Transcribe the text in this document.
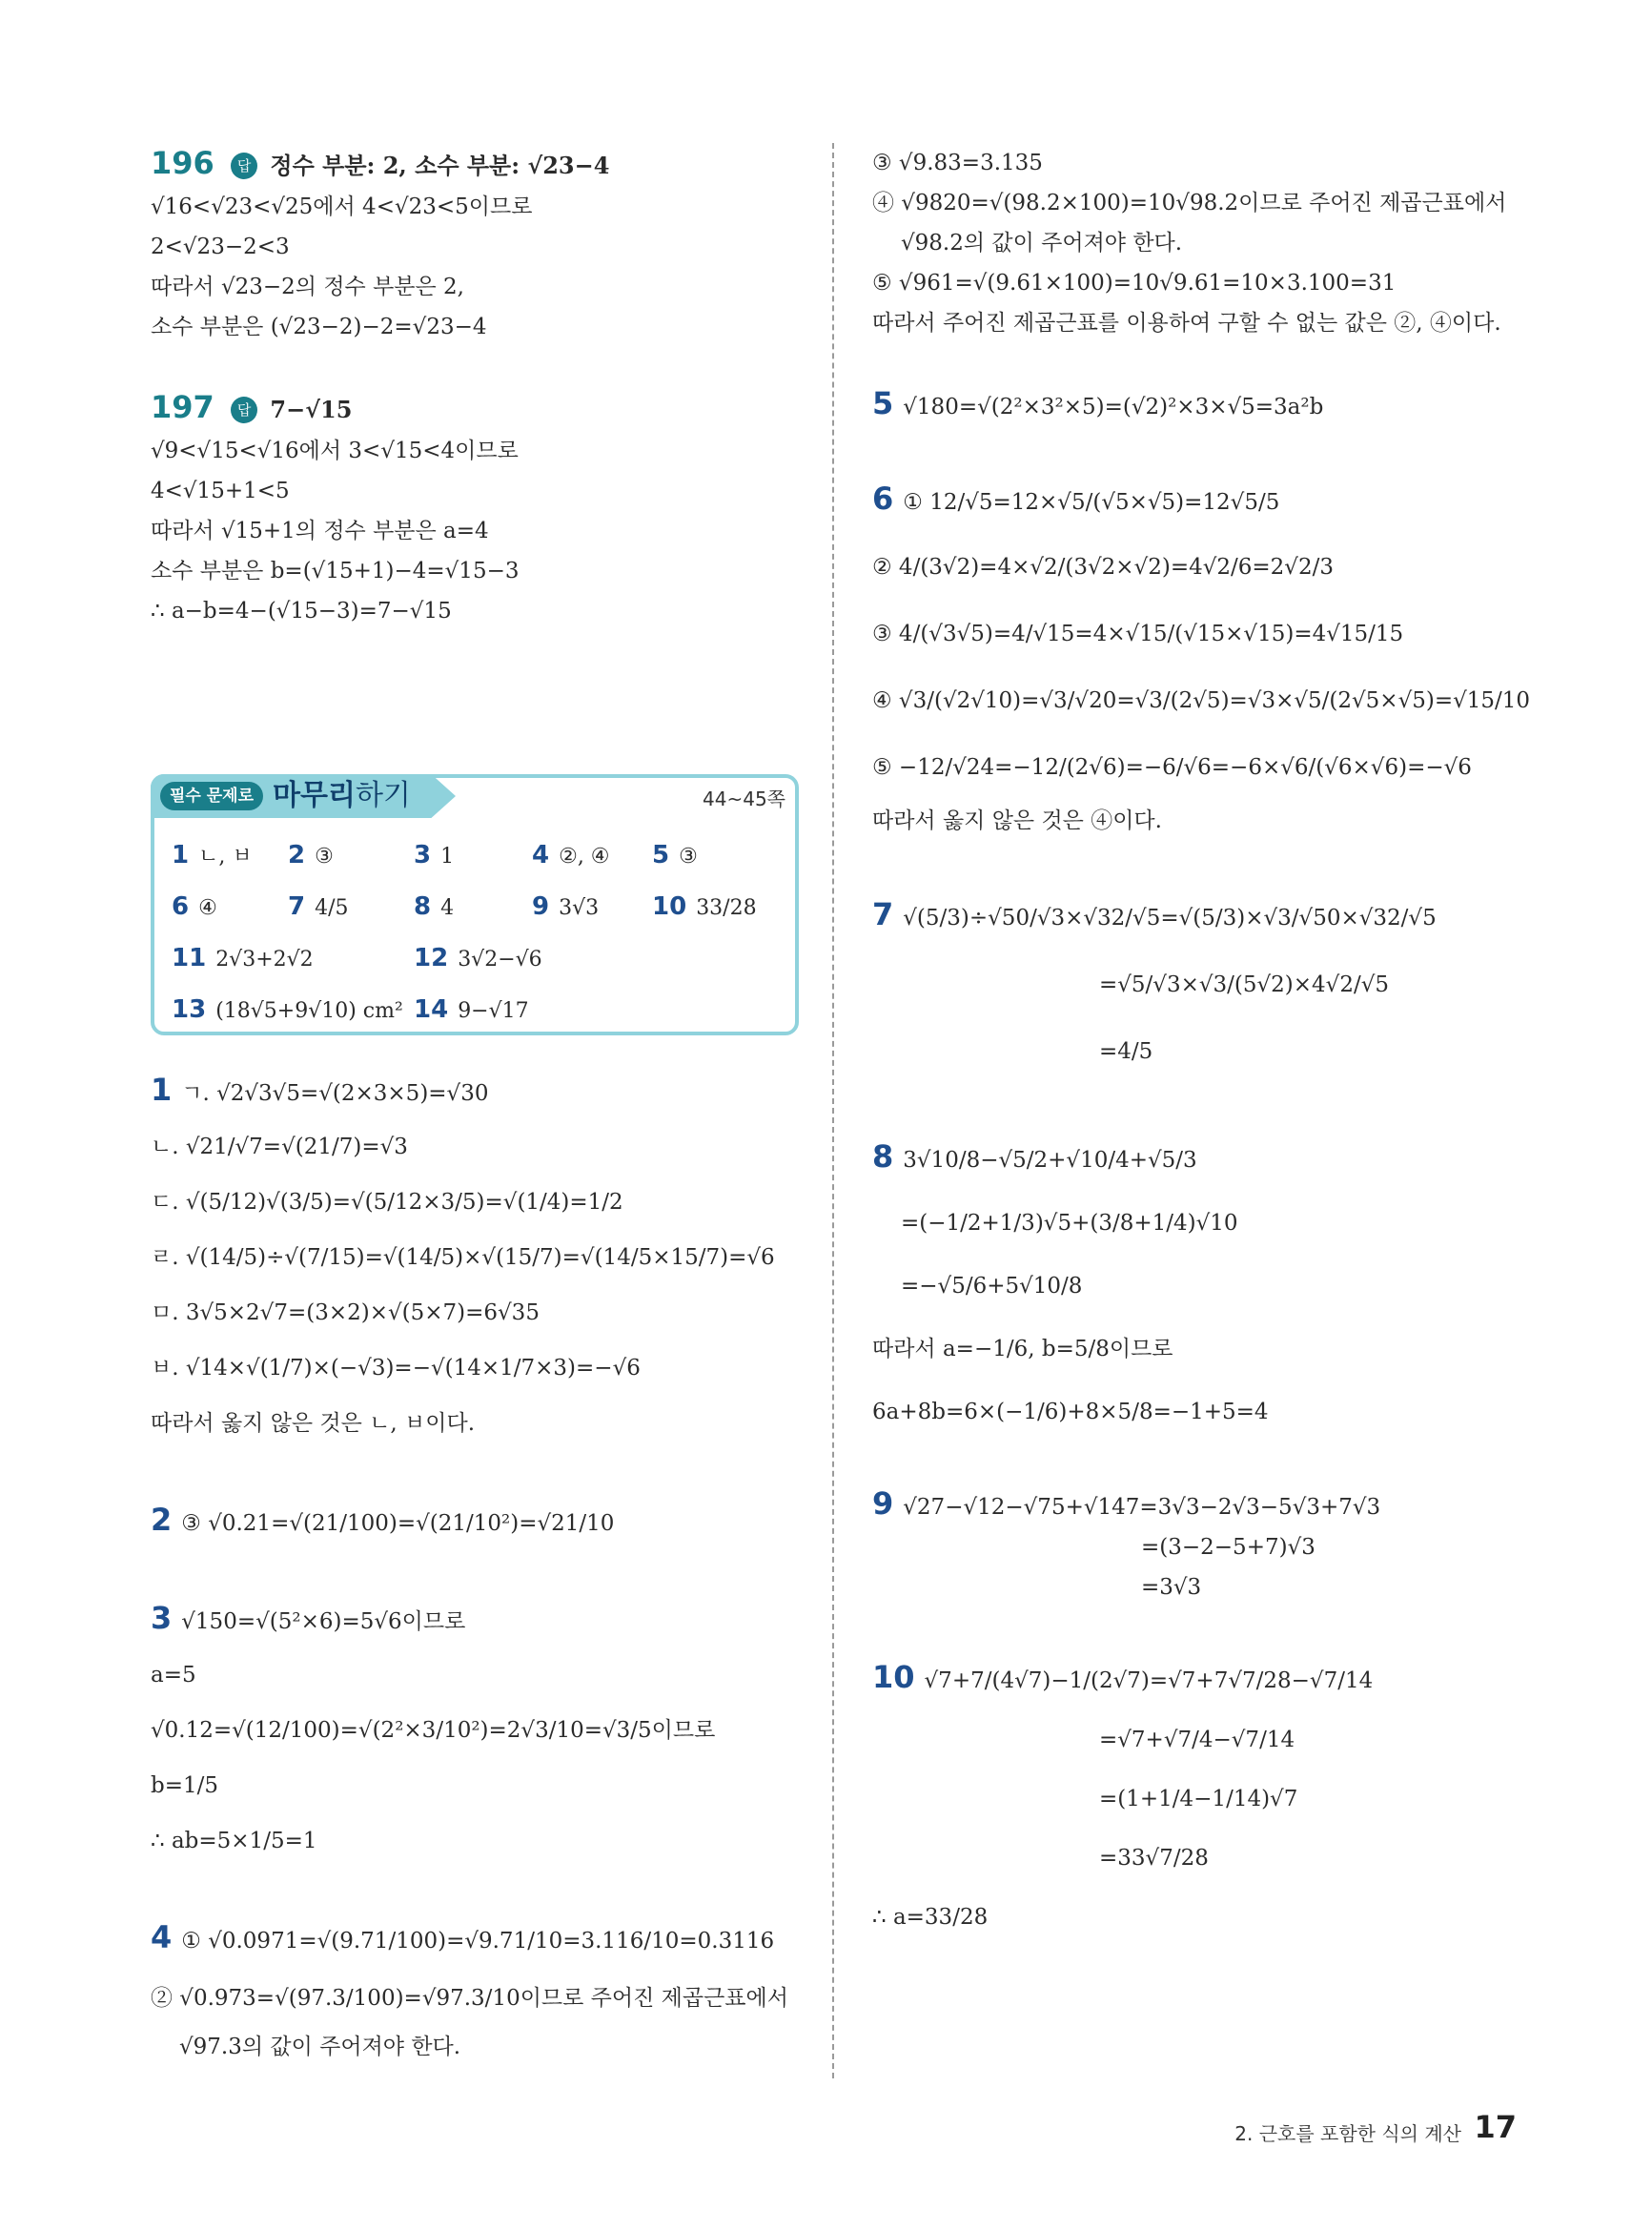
196 답 정수 부분: 2, 소수 부분: √23−4
√16<√23<√25에서 4<√23<5이므로
2<√23−2<3
따라서 √23−2의 정수 부분은 2,
소수 부분은 (√23−2)−2=√23−4
197 답 7−√15
√9<√15<√16에서 3<√15<4이므로
4<√15+1<5
따라서 √15+1의 정수 부분은 a=4
소수 부분은 b=(√15+1)−4=√15−3
∴ a−b=4−(√15−3)=7−√15
필수 문제로 마무리하기	44~45쪽
1 ㄴ, ㅂ 2 ③	3 1	4 ②, ④ 5 ③
6 ④	7 4/5	8 4	9 3√3 10 33/28
11 2√3+2√2	12 3√2−√6
13 (18√5+9√10) cm² 14 9−√17
1 ㄱ. √2√3√5=√(2×3×5)=√30
ㄴ. √21/√7=√(21/7)=√3
ㄷ. √(5/12)√(3/5)=√(5/12×3/5)=√(1/4)=1/2
ㄹ. √(14/5)÷√(7/15)=√(14/5)×√(15/7)=√(14/5×15/7)=√6
ㅁ. 3√5×2√7=(3×2)×√(5×7)=6√35
ㅂ. √14×√(1/7)×(−√3)=−√(14×1/7×3)=−√6
따라서 옳지 않은 것은 ㄴ, ㅂ이다.
2 ③ √0.21=√(21/100)=√(21/10²)=√21/10
3 √150=√(5²×6)=5√6이므로
a=5
√0.12=√(12/100)=√(2²×3/10²)=2√3/10=√3/5이므로
b=1/5
∴ ab=5×1/5=1
4 ① √0.0971=√(9.71/100)=√9.71/10=3.116/10=0.3116
② √0.973=√(97.3/100)=√97.3/10이므로 주어진 제곱근표에서
√97.3의 값이 주어져야 한다.
③ √9.83=3.135
④ √9820=√(98.2×100)=10√98.2이므로 주어진 제곱근표에서
√98.2의 값이 주어져야 한다.
⑤ √961=√(9.61×100)=10√9.61=10×3.100=31
따라서 주어진 제곱근표를 이용하여 구할 수 없는 값은 ②, ④이다.
5 √180=√(2²×3²×5)=(√2)²×3×√5=3a²b
6 ① 12/√5=12×√5/(√5×√5)=12√5/5
② 4/(3√2)=4×√2/(3√2×√2)=4√2/6=2√2/3
③ 4/(√3√5)=4/√15=4×√15/(√15×√15)=4√15/15
④ √3/(√2√10)=√3/√20=√3/(2√5)=√3×√5/(2√5×√5)=√15/10
⑤ −12/√24=−12/(2√6)=−6/√6=−6×√6/(√6×√6)=−√6
따라서 옳지 않은 것은 ④이다.
7 √(5/3)÷√50/√3×√32/√5=√(5/3)×√3/√50×√32/√5
=√5/√3×√3/(5√2)×4√2/√5
=4/5
8 3√10/8−√5/2+√10/4+√5/3
=(−1/2+1/3)√5+(3/8+1/4)√10
=−√5/6+5√10/8
따라서 a=−1/6, b=5/8이므로
6a+8b=6×(−1/6)+8×5/8=−1+5=4
9 √27−√12−√75+√147=3√3−2√3−5√3+7√3
=(3−2−5+7)√3
=3√3
10 √7+7/(4√7)−1/(2√7)=√7+7√7/28−√7/14
=√7+√7/4−√7/14
=(1+1/4−1/14)√7
=33√7/28
∴ a=33/28
2. 근호를 포함한 식의 계산 17
